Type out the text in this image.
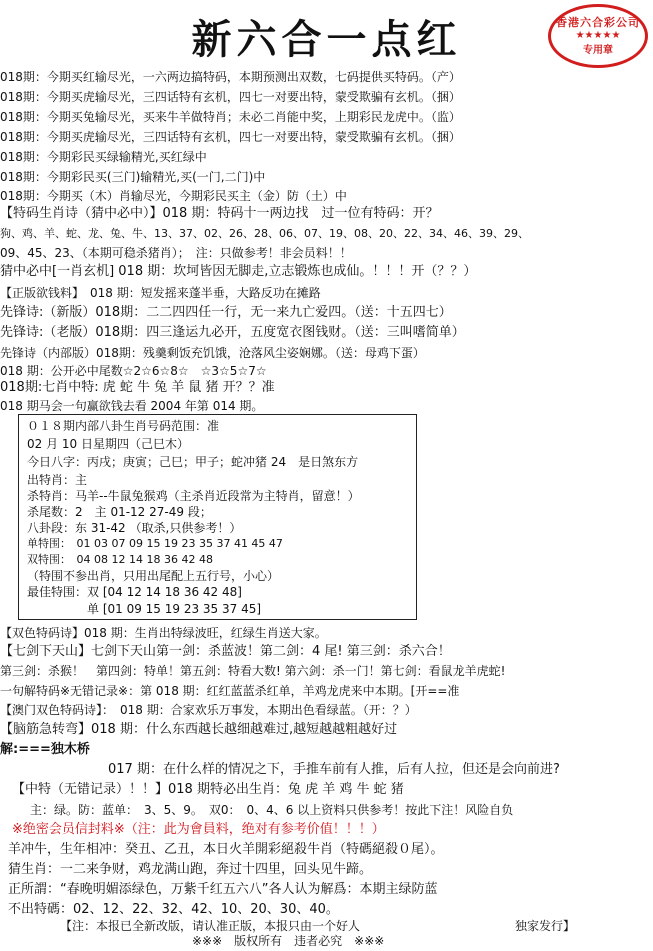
新六合一点红	香港六合彩公司
★★★★★
专用章
018期：今期买红输尽光，一六两边搞特码，本期预测出双数，七码提供买特码。（产）
018期：今期买虎输尽光，三四话特有玄机，四七一对要出特，蒙受欺骗有玄机。（捆）
018期：今期买兔输尽光，买来牛羊做特肖；未必二肖能中奖，上期彩民龙虎中。（监）
018期：今期买虎输尽光，三四话特有玄机，四七一对要出特，蒙受欺骗有玄机。（捆）
018期：今期彩民买绿输精光,买红绿中
018期：今期彩民买(三门)输精光,买(一门,二门)中
018期：今期买（木）肖输尽光，今期彩民买主（金）防（土）中
【特码生肖诗（猜中必中）】018 期：特码十一两边找　过一位有特码：开？
狗、鸡、羊、蛇、龙、兔、牛、13、37、02、26、28、06、07、19、08、20、22、34、46、39、29、
09、45、23、（本期可稳杀猪肖）；　注：只做参考！非会员料！！
猜中必中[一肖玄机] 018 期：坎坷皆因无脚走,立志锻炼也成仙。！！！开（？？）
【正版欲钱料】　018 期：短发摇来蓬半垂，大路反功在摊路
先锋诗:（新版）018期：二二四四任一行，无一来九亡爱四。（送：十五四七）
先锋诗:（老版）018期：四三逢运九必开，五度宽衣图钱财。（送：三叫嗜简单）
先锋诗（内部版）018期：残羹剩饭充饥饿，沧落风尘姿娴娜。（送：母鸡下蛋）
018 期：公开必中尾数☆2☆6☆8☆　☆3☆5☆7☆
018期:七肖中特: 虎 蛇 牛 兔 羊 鼠 猪 开？？准
018 期马会一句赢欲钱去看 2004 年第 014 期。
０１８期内部八卦生肖号码范围：准
02 月 10 日星期四（己巳木）
今日八字：丙戌；庚寅；己巳；甲子；蛇冲猪 24　是日煞东方
出特肖：主
杀特肖：马羊--牛鼠兔猴鸡（主杀肖近段常为主特肖，留意！）
杀尾数：2　主 01-12 27-49 段；
八卦段：东 31-42 （取杀,只供参考！）
单特围：　01 03 07 09 15 19 23 35 37 41 45 47
双特围：　04 08 12 14 18 36 42 48
（特围不参出肖，只用出尾配上五行号，小心）
最佳特围：双 [04 12 14 18 36 42 48]
　　　　　单 [01 09 15 19 23 35 37 45]
【双色特码诗】018 期：生肖出特绿波旺，红绿生肖送大家。
【七剑下天山】七剑下天山第一剑：杀蓝波！第二剑：4 尾! 第三剑：杀六合！
第三剑：杀猴！　第四剑：特单！第五剑：特看大数! 第六剑：杀一门！第七剑：看鼠龙羊虎蛇!
一句解特码※无错记录※：第 018 期：红红蓝蓝杀红单，羊鸡龙虎来中本期。[开==准
【澳门双色特码诗】：　018 期：合家欢乐万事发，本期出色看绿蓝。（开：？）
【脑筋急转弯】018 期：什么东西越长越细越难过,越短越越粗越好过
解:===独木桥
017 期：在什么样的情况之下，手推车前有人推，后有人拉，但还是会向前进?
【中特（无错记录）！！】018 期特必出生肖：兔 虎 羊 鸡 牛 蛇 猪
主：绿。防：蓝单：　3、5、9。　双0：　0、4、6 以上资料只供参考！按此下注！风险自负
※绝密会员信封料※（注：此为會員料，绝对有参考价值！！！）
羊冲牛，生年相冲：癸丑、乙丑，本日火羊開彩絕殺牛肖（特碼絕殺０尾）。
猜生肖：一二来争财，鸡龙满山跑，奔过十四里，回头见牛蹄。
正所謂：“春晚明媚添绿色，万紫千红五六八”各人认为解爲：本期主绿防蓝
不出特碼：02、12、22、32、42、10、20、30、40。
【注：本报已全新改版，请认准正版，本报只由一个好人	独家发行】
※※※　版权所有　违者必究　※※※
